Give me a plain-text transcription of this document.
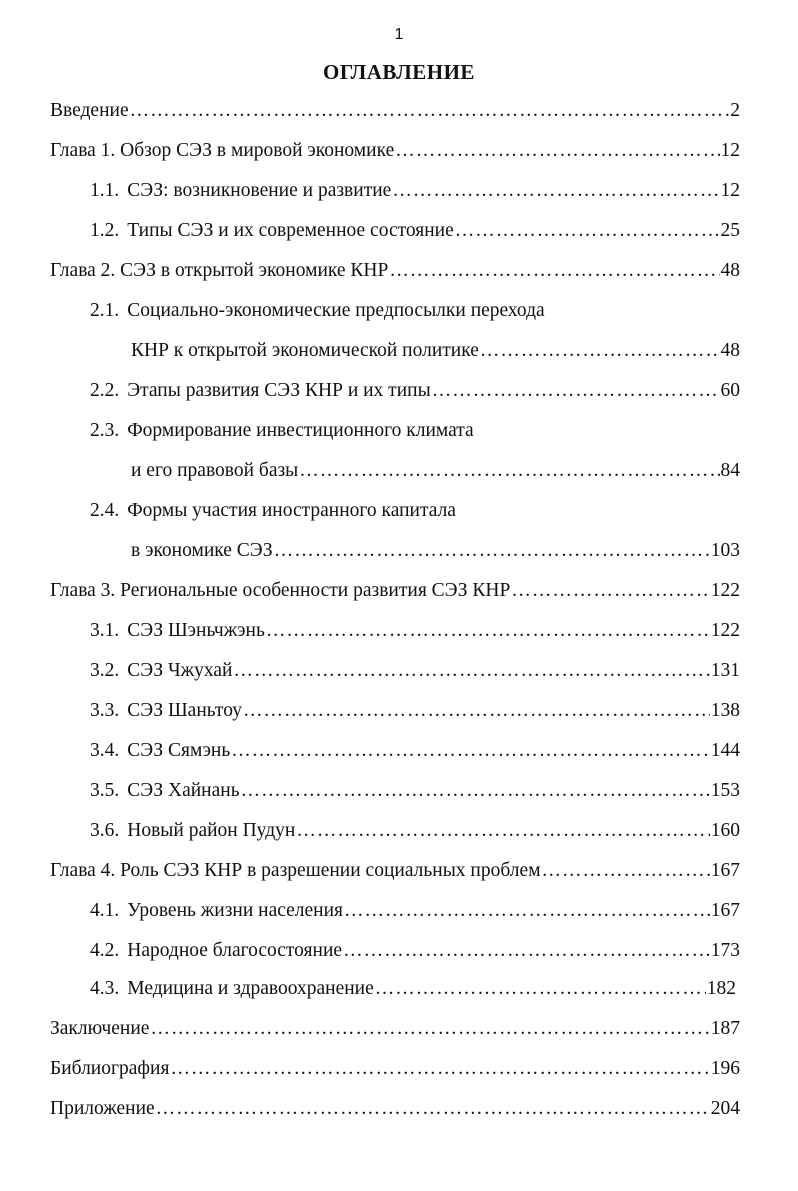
1
ОГЛАВЛЕНИЕ
Введение …………………………………………………………………………………………………………………………………………………………………	2
Глава 1. Обзор СЭЗ в мировой экономике …………………………………………………………………………………………………………………………………………………………………	12
1.1. СЭЗ: возникновение и развитие …………………………………………………………………………………………………………………………………………………………………	12
1.2. Типы СЭЗ и их современное состояние …………………………………………………………………………………………………………………………………………………………………	25
Глава 2. СЭЗ в открытой экономике КНР …………………………………………………………………………………………………………………………………………………………………	48
2.1. Социально-экономические предпосылки перехода
КНР к открытой экономической политике …………………………………………………………………………………………………………………………………………………………………	48
2.2. Этапы развития СЭЗ КНР и их типы …………………………………………………………………………………………………………………………………………………………………	60
2.3. Формирование инвестиционного климата
и его правовой базы …………………………………………………………………………………………………………………………………………………………………	84
2.4. Формы участия иностранного капитала
в экономике СЭЗ …………………………………………………………………………………………………………………………………………………………………	103
Глава 3. Региональные особенности развития СЭЗ КНР …………………………………………………………………………………………………………………………………………………………………	122
3.1. СЭЗ Шэньчжэнь …………………………………………………………………………………………………………………………………………………………………	122
3.2. СЭЗ Чжухай …………………………………………………………………………………………………………………………………………………………………	131
3.3. СЭЗ Шаньтоу …………………………………………………………………………………………………………………………………………………………………	138
3.4. СЭЗ Сямэнь …………………………………………………………………………………………………………………………………………………………………	144
3.5. СЭЗ Хайнань …………………………………………………………………………………………………………………………………………………………………	153
3.6. Новый район Пудун …………………………………………………………………………………………………………………………………………………………………	160
Глава 4. Роль СЭЗ КНР в разрешении социальных проблем …………………………………………………………………………………………………………………………………………………………………	167
4.1. Уровень жизни населения …………………………………………………………………………………………………………………………………………………………………	167
4.2. Народное благосостояние …………………………………………………………………………………………………………………………………………………………………	173
4.3. Медицина и здравоохранение …………………………………………………………………………………………………………………………………………………………………	182
Заключение …………………………………………………………………………………………………………………………………………………………………	187
Библиография …………………………………………………………………………………………………………………………………………………………………	196
Приложение …………………………………………………………………………………………………………………………………………………………………	204
